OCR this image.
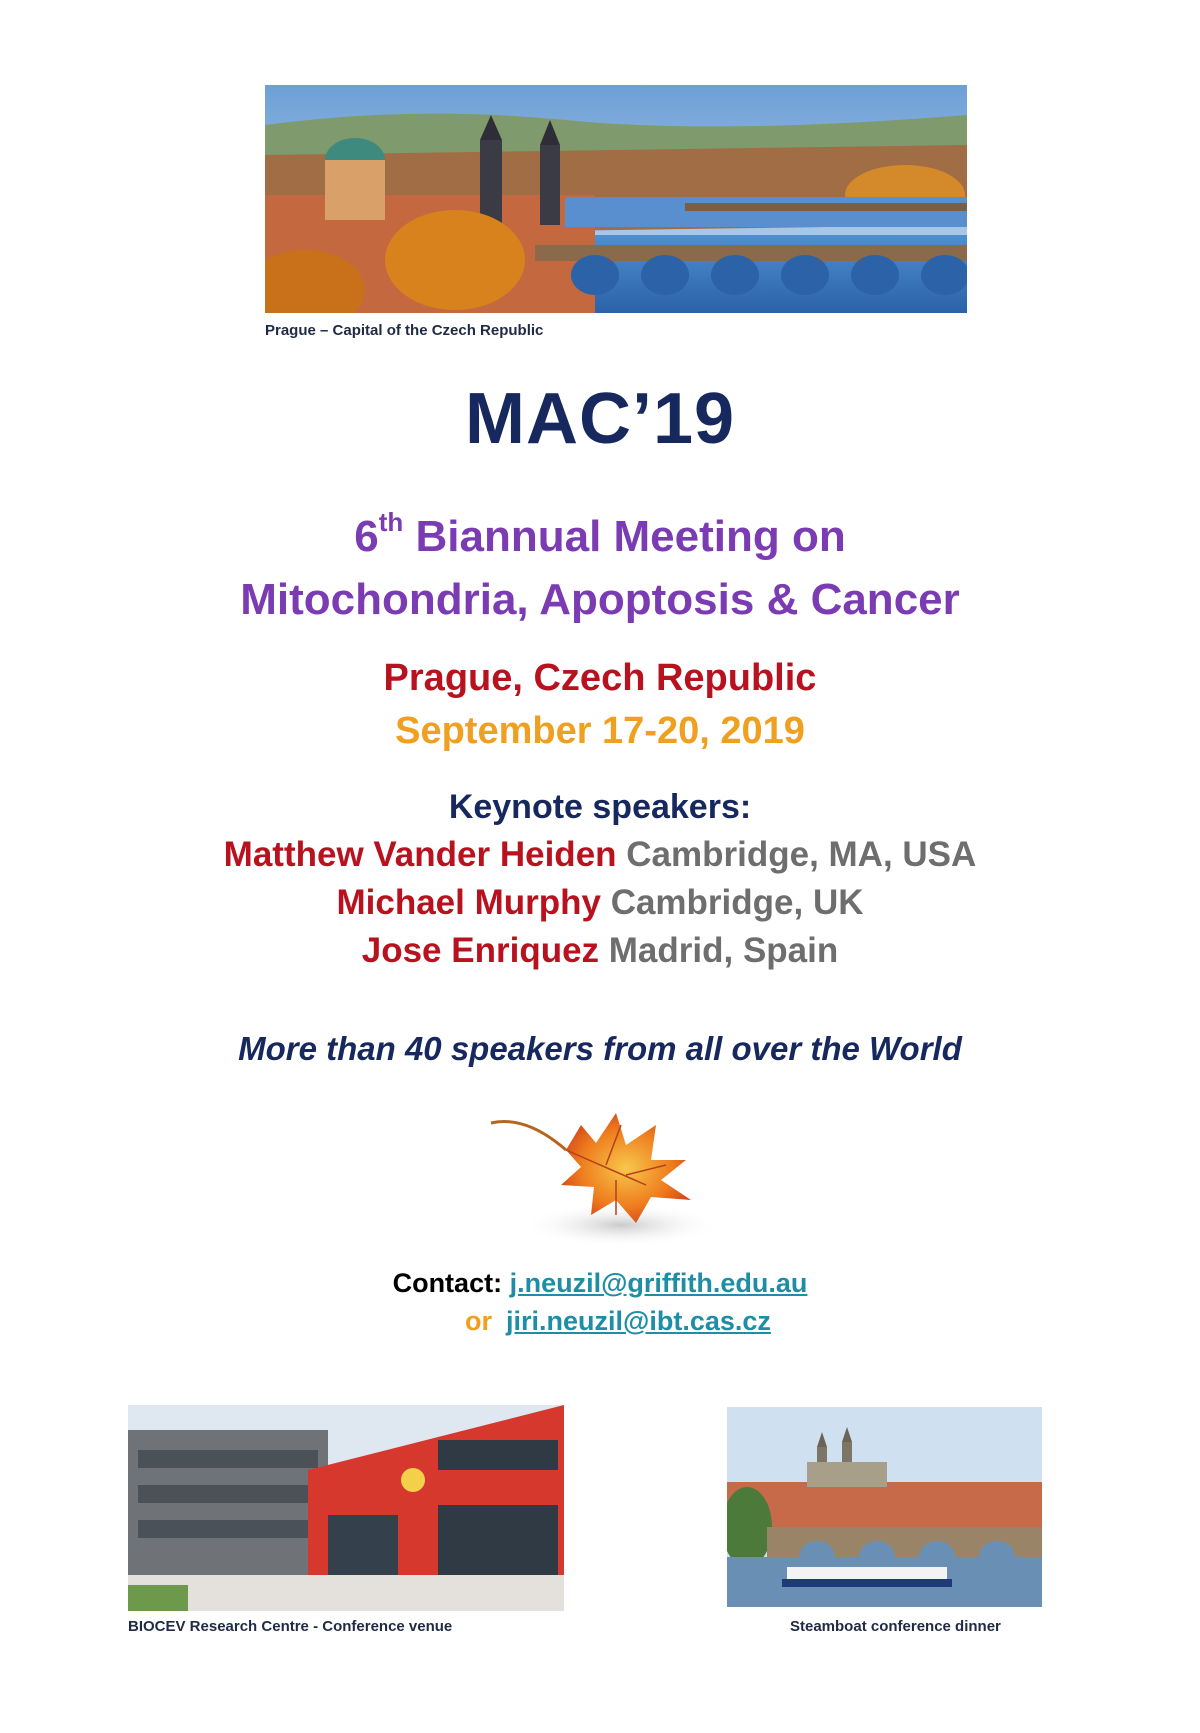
Prague – Capital of the Czech Republic
MAC’19
6th Biannual Meeting on
Mitochondria, Apoptosis & Cancer
Prague, Czech Republic
September 17-20, 2019
Keynote speakers:
Matthew Vander Heiden Cambridge, MA, USA
Michael Murphy Cambridge, UK
Jose Enriquez Madrid, Spain
More than 40 speakers from all over the World
Contact: j.neuzil@griffith.edu.au
or jiri.neuzil@ibt.cas.cz
BIOCEV Research Centre - Conference venue	Steamboat conference dinner
